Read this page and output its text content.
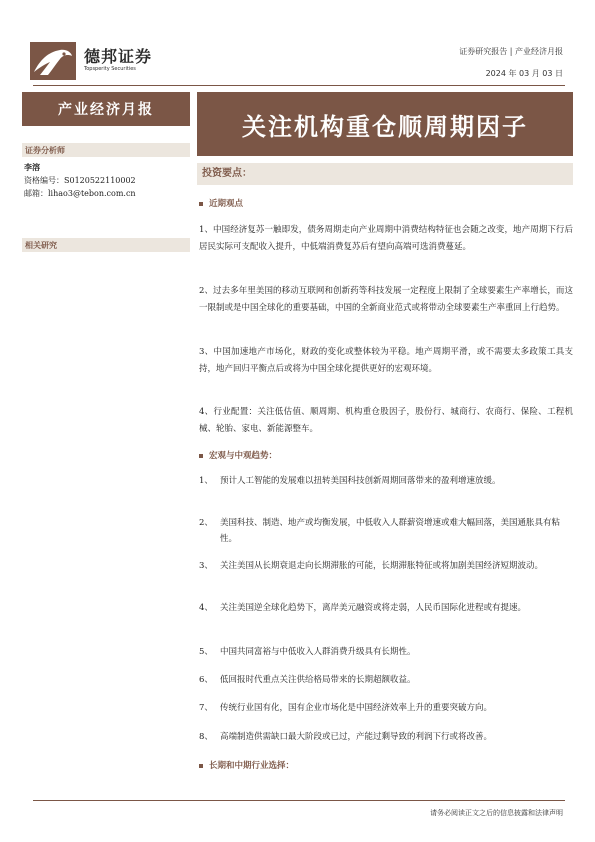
德邦证券
Topsperity Securities
证券研究报告 | 产业经济月报
2024 年 03 月 03 日
产业经济月报
证券分析师
李溶
资格编号：S0120522110002
邮箱：lihao3@tebon.com.cn
相关研究
关注机构重仓顺周期因子
投资要点：
近期观点
1、中国经济复苏一触即发，债务周期走向产业周期中消费结构特征也会随之改变，地产周期下行后居民实际可支配收入提升，中低端消费复苏后有望向高端可选消费蔓延。
2、过去多年里美国的移动互联网和创新药等科技发展一定程度上限制了全球要素生产率增长，而这一限制或是中国全球化的重要基础，中国的全新商业范式或将带动全球要素生产率重回上行趋势。
3、中国加速地产市场化，财政的变化或整体较为平稳。地产周期平滑，或不需要太多政策工具支持，地产回归平衡点后或将为中国全球化提供更好的宏观环境。
4、行业配置：关注低估值、顺周期、机构重仓股因子，股份行、城商行、农商行、保险、工程机械、轮胎、家电、新能源整车。
宏观与中观趋势：
1、 预计人工智能的发展难以扭转美国科技创新周期回落带来的盈利增速放缓。
2、 美国科技、制造、地产或均衡发展，中低收入人群薪资增速或难大幅回落，美国通胀具有粘性。
3、 关注美国从长期衰退走向长期滞胀的可能，长期滞胀特征或将加剧美国经济短期波动。
4、 关注美国逆全球化趋势下，离岸美元融资或将走弱，人民币国际化进程或有提速。
5、 中国共同富裕与中低收入人群消费升级具有长期性。
6、 低回报时代重点关注供给格局带来的长期超额收益。
7、 传统行业国有化，国有企业市场化是中国经济效率上升的重要突破方向。
8、 高端制造供需缺口最大阶段或已过，产能过剩导致的利润下行或将改善。
长期和中期行业选择：
请务必阅读正文之后的信息披露和法律声明
